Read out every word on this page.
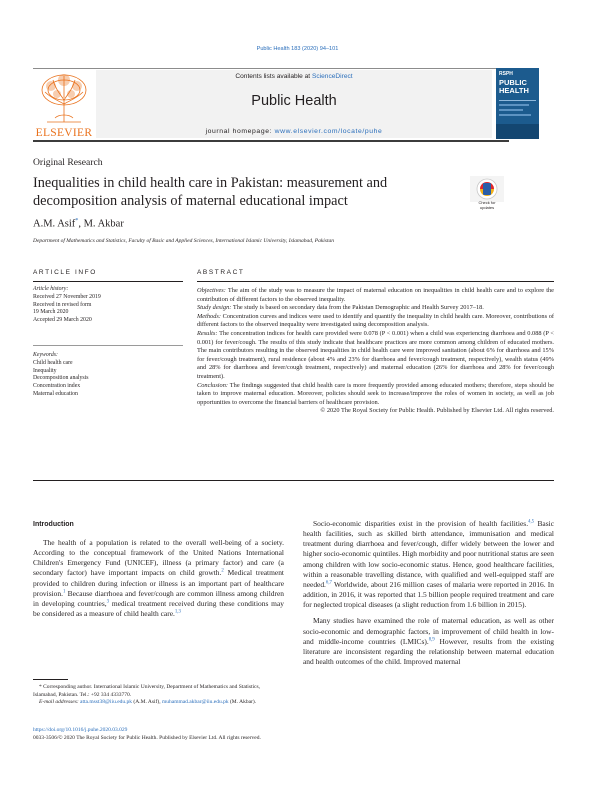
Public Health 183 (2020) 94–101
ELSEVIER
Contents lists available at ScienceDirect
Public Health
journal homepage: www.elsevier.com/locate/puhe
RSPH
PUBLIC
HEALTH
Original Research
Inequalities in child health care in Pakistan: measurement and decomposition analysis of maternal educational impact	Check for
updates
A.M. Asif*, M. Akbar
Department of Mathematics and Statistics, Faculty of Basic and Applied Sciences, International Islamic University, Islamabad, Pakistan
ARTICLE INFO
Article history:
Received 27 November 2019
Received in revised form
19 March 2020
Accepted 29 March 2020
Keywords:
Child health care
Inequality
Decomposition analysis
Concentration index
Maternal education
ABSTRACT

Objectives: The aim of the study was to measure the impact of maternal education on inequalities in child health care and to explore the contribution of different factors to the observed inequality.

Study design: The study is based on secondary data from the Pakistan Demographic and Health Survey 2017–18.

Methods: Concentration curves and indices were used to identify and quantify the inequality in child health care. Moreover, contributions of different factors to the observed inequality were investigated using decomposition analysis.

Results: The concentration indices for health care provided were 0.078 (P < 0.001) when a child was experiencing diarrhoea and 0.088 (P < 0.001) for fever/cough. The results of this study indicate that healthcare practices are more common among children of educated mothers. The main contributors resulting in the observed inequalities in child health care were improved sanitation (about 6% for diarrhoea and 15% for fever/cough treatment), rural residence (about 4% and 23% for diarrhoea and fever/cough treatment, respectively), wealth status (49% and 28% for diarrhoea and fever/cough treatment, respectively) and maternal education (26% for diarrhoea and 28% for fever/cough treatment).

Conclusion: The findings suggested that child health care is more frequently provided among educated mothers; therefore, steps should be taken to improve maternal education. Moreover, policies should seek to increase/improve the roles of women in society, as well as job opportunities to overcome the financial barriers of healthcare provision.

© 2020 The Royal Society for Public Health. Published by Elsevier Ltd. All rights reserved.

Introduction

The health of a population is related to the overall well-being of a society. According to the conceptual framework of the United Nations International Children's Emergency Fund (UNICEF), illness (a primary factor) and care (a secondary factor) have important impacts on child growth.$^2$ Medical treatment provided to children during infection or illness is an important part of healthcare provision.$^1$ Because diarrhoea and fever/cough are common illness among children in developing countries,$^3$ medical treatment received during these conditions may be considered as a measure of child health care.$^{1,3}$

Socio-economic disparities exist in the provision of health facilities.$^{4,5}$ Basic health facilities, such as skilled birth attendance, immunisation and medical treatment during diarrhoea and fever/cough, differ widely between the lower and higher socio-economic quintiles. High morbidity and poor nutritional status are seen among children with low socio-economic status. Hence, good healthcare facilities, within a reasonable travelling distance, with qualified and well-equipped staff are needed.$^{6,7}$ Worldwide, about 216 million cases of malaria were reported in 2016. In addition, in 2016, it was reported that 1.5 billion people required treatment and care for neglected tropical diseases (a slight reduction from 1.6 billion in 2015).

Many studies have examined the role of maternal education, as well as other socio-economic and demographic factors, in improvement of child health in low- and middle-income countries (LMICs).$^{8,9}$ However, results from the existing literature are inconsistent regarding the relationship between maternal education and health outcomes of the child. Improved maternal

* Corresponding author. International Islamic University, Department of Mathematics and Statistics, Islamabad, Pakistan. Tel.: +92 334 4333770.
E-mail addresses: atta.msst38@iiu.edu.pk (A.M. Asif), muhammad.akbar@iiu.edu.pk (M. Akbar).
https://doi.org/10.1016/j.puhe.2020.03.029
0033-3506/© 2020 The Royal Society for Public Health. Published by Elsevier Ltd. All rights reserved.
